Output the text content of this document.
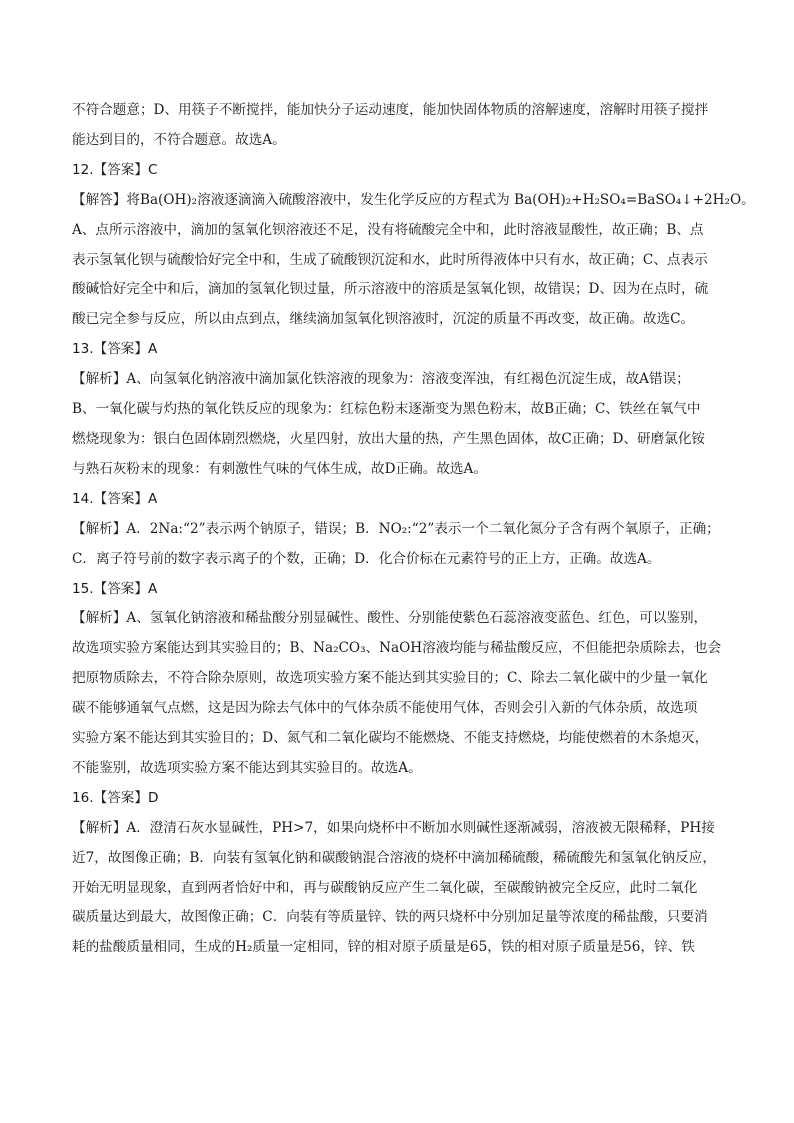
不符合题意；D、用筷子不断搅拌，能加快分子运动速度，能加快固体物质的溶解速度，溶解时用筷子搅拌

能达到目的，不符合题意。故选A。

12.【答案】C

【解答】将Ba(OH)₂溶液逐滴滴入硫酸溶液中，发生化学反应的方程式为 Ba(OH)₂+H₂SO₄=BaSO₄↓+2H₂O。

A、点所示溶液中，滴加的氢氧化钡溶液还不足，没有将硫酸完全中和，此时溶液显酸性，故正确；B、点

表示氢氧化钡与硫酸恰好完全中和，生成了硫酸钡沉淀和水，此时所得液体中只有水，故正确；C、点表示

酸碱恰好完全中和后，滴加的氢氧化钡过量，所示溶液中的溶质是氢氧化钡，故错误；D、因为在点时，硫

酸已完全参与反应，所以由点到点，继续滴加氢氧化钡溶液时，沉淀的质量不再改变，故正确。故选C。

13.【答案】A

【解析】A、向氢氧化钠溶液中滴加氯化铁溶液的现象为：溶液变浑浊，有红褐色沉淀生成，故A错误；

B、一氧化碳与灼热的氧化铁反应的现象为：红棕色粉末逐渐变为黑色粉末，故B正确；C、铁丝在氧气中

燃烧现象为：银白色固体剧烈燃烧，火星四射，放出大量的热，产生黑色固体，故C正确；D、研磨氯化铵

与熟石灰粉末的现象：有刺激性气味的气体生成，故D正确。故选A。

14.【答案】A

【解析】A．2Na:“2”表示两个钠原子，错误；B．NO₂:“2”表示一个二氧化氮分子含有两个氧原子，正确；

C．离子符号前的数字表示离子的个数，正确；D．化合价标在元素符号的正上方，正确。故选A。

15.【答案】A

【解析】A、氢氧化钠溶液和稀盐酸分别显碱性、酸性、分别能使紫色石蕊溶液变蓝色、红色，可以鉴别，

故选项实验方案能达到其实验目的；B、Na₂CO₃、NaOH溶液均能与稀盐酸反应，不但能把杂质除去，也会

把原物质除去，不符合除杂原则，故选项实验方案不能达到其实验目的；C、除去二氧化碳中的少量一氧化

碳不能够通氧气点燃，这是因为除去气体中的气体杂质不能使用气体，否则会引入新的气体杂质，故选项

实验方案不能达到其实验目的；D、氮气和二氧化碳均不能燃烧、不能支持燃烧，均能使燃着的木条熄灭，

不能鉴别，故选项实验方案不能达到其实验目的。故选A。

16.【答案】D

【解析】A．澄清石灰水显碱性，PH>7，如果向烧杯中不断加水则碱性逐渐减弱，溶液被无限稀释，PH接

近7，故图像正确；B．向装有氢氧化钠和碳酸钠混合溶液的烧杯中滴加稀硫酸，稀硫酸先和氢氧化钠反应，

开始无明显现象，直到两者恰好中和，再与碳酸钠反应产生二氧化碳，至碳酸钠被完全反应，此时二氧化

碳质量达到最大，故图像正确；C．向装有等质量锌、铁的两只烧杯中分别加足量等浓度的稀盐酸，只要消

耗的盐酸质量相同，生成的H₂质量一定相同，锌的相对原子质量是65，铁的相对原子质量是56，锌、铁
